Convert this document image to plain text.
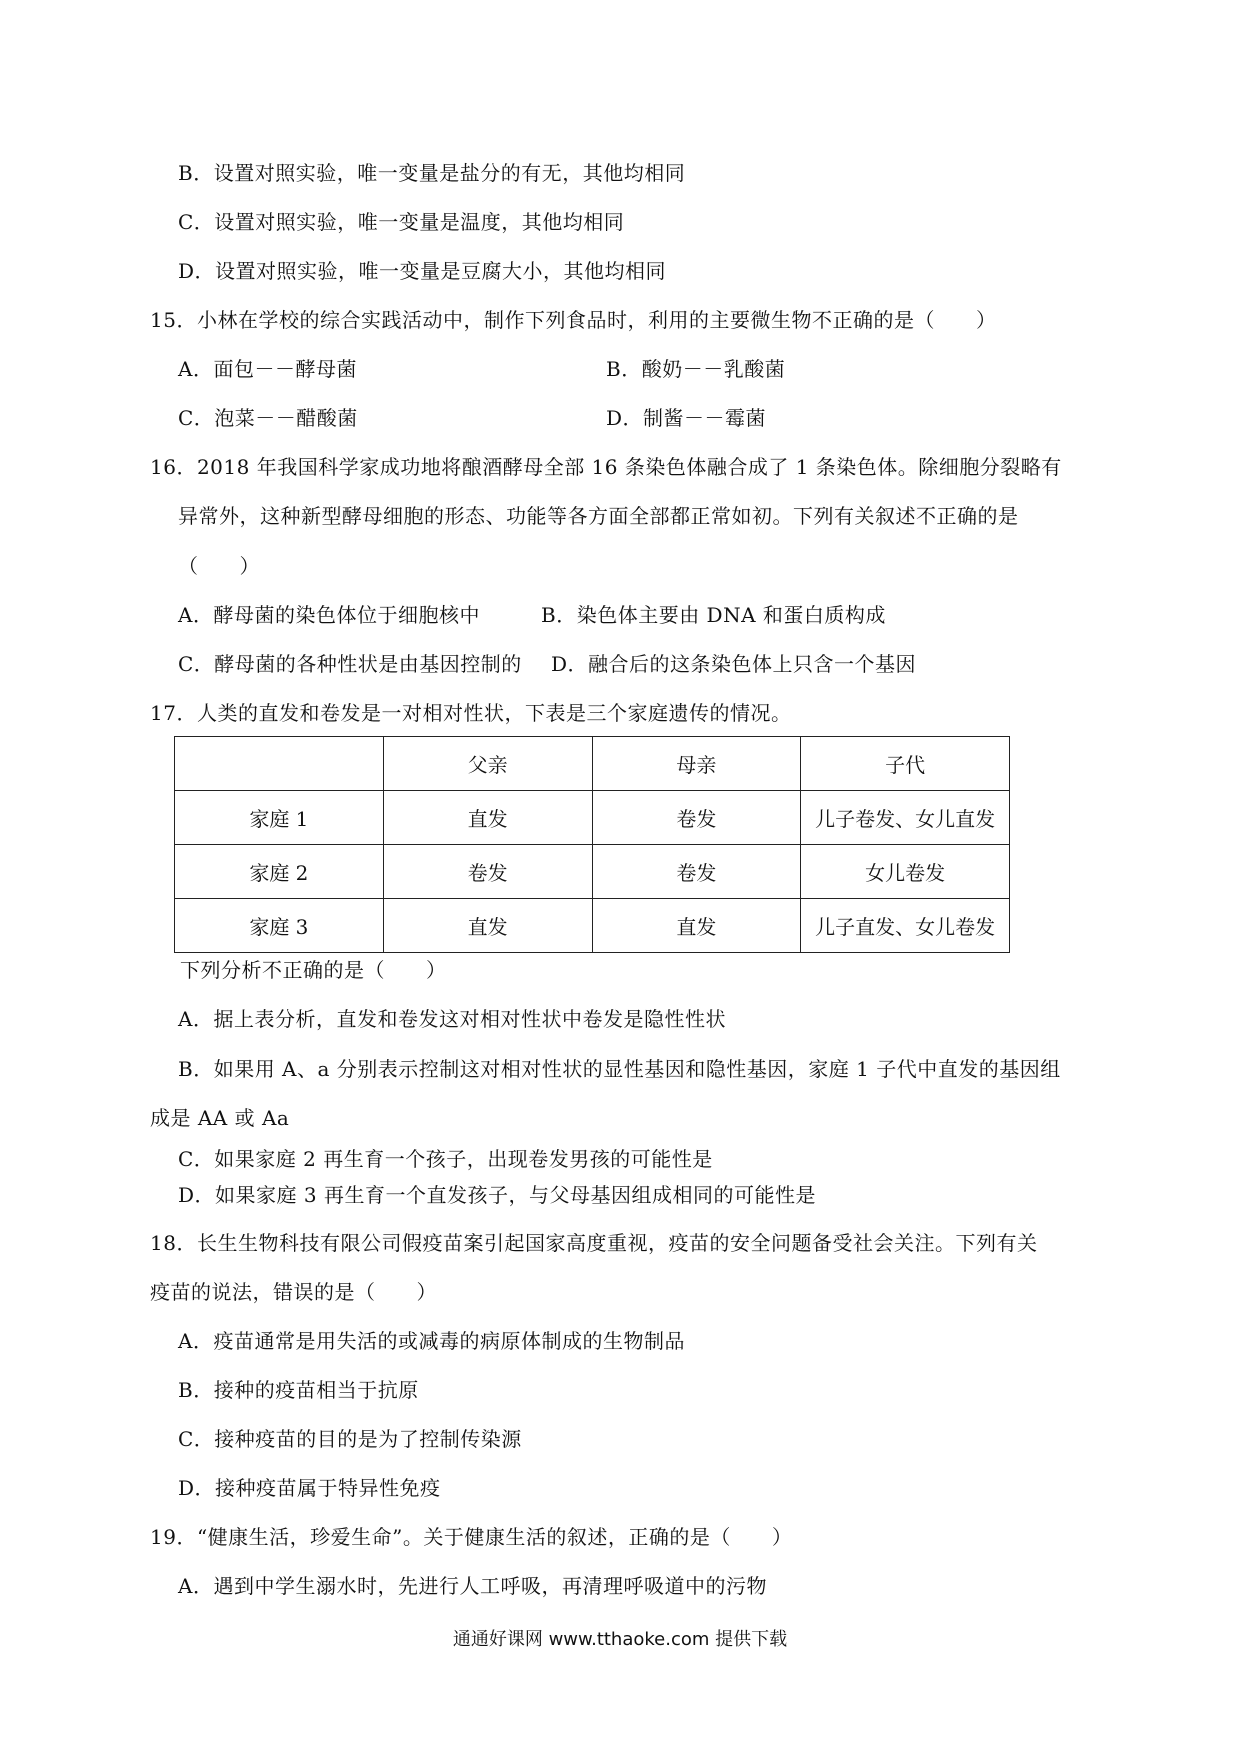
B．设置对照实验，唯一变量是盐分的有无，其他均相同
C．设置对照实验，唯一变量是温度，其他均相同
D．设置对照实验，唯一变量是豆腐大小，其他均相同
15．小林在学校的综合实践活动中，制作下列食品时，利用的主要微生物不正确的是（　　）
A．面包－－酵母菌	B．酸奶－－乳酸菌
C．泡菜－－醋酸菌	D．制酱－－霉菌
16．2018 年我国科学家成功地将酿酒酵母全部 16 条染色体融合成了 1 条染色体。除细胞分裂略有
异常外，这种新型酵母细胞的形态、功能等各方面全部都正常如初。下列有关叙述不正确的是
（　　）
A．酵母菌的染色体位于细胞核中	B．染色体主要由 DNA 和蛋白质构成
C．酵母菌的各种性状是由基因控制的 D．融合后的这条染色体上只含一个基因
17．人类的直发和卷发是一对相对性状，下表是三个家庭遗传的情况。
	父亲	母亲	子代
家庭 1	直发	卷发	儿子卷发、女儿直发
家庭 2	卷发	卷发	女儿卷发
家庭 3	直发	直发	儿子直发、女儿卷发
下列分析不正确的是（　　）
A．据上表分析，直发和卷发这对相对性状中卷发是隐性性状
B．如果用 A、a 分别表示控制这对相对性状的显性基因和隐性基因，家庭 1 子代中直发的基因组
成是 AA 或 Aa
C．如果家庭 2 再生育一个孩子，出现卷发男孩的可能性是
D．如果家庭 3 再生育一个直发孩子，与父母基因组成相同的可能性是
18．长生生物科技有限公司假疫苗案引起国家高度重视，疫苗的安全问题备受社会关注。下列有关
疫苗的说法，错误的是（　　）
A．疫苗通常是用失活的或减毒的病原体制成的生物制品
B．接种的疫苗相当于抗原
C．接种疫苗的目的是为了控制传染源
D．接种疫苗属于特异性免疫
19．“健康生活，珍爱生命”。关于健康生活的叙述，正确的是（　　）
A．遇到中学生溺水时，先进行人工呼吸，再清理呼吸道中的污物
通通好课网 www.tthaoke.com 提供下载
